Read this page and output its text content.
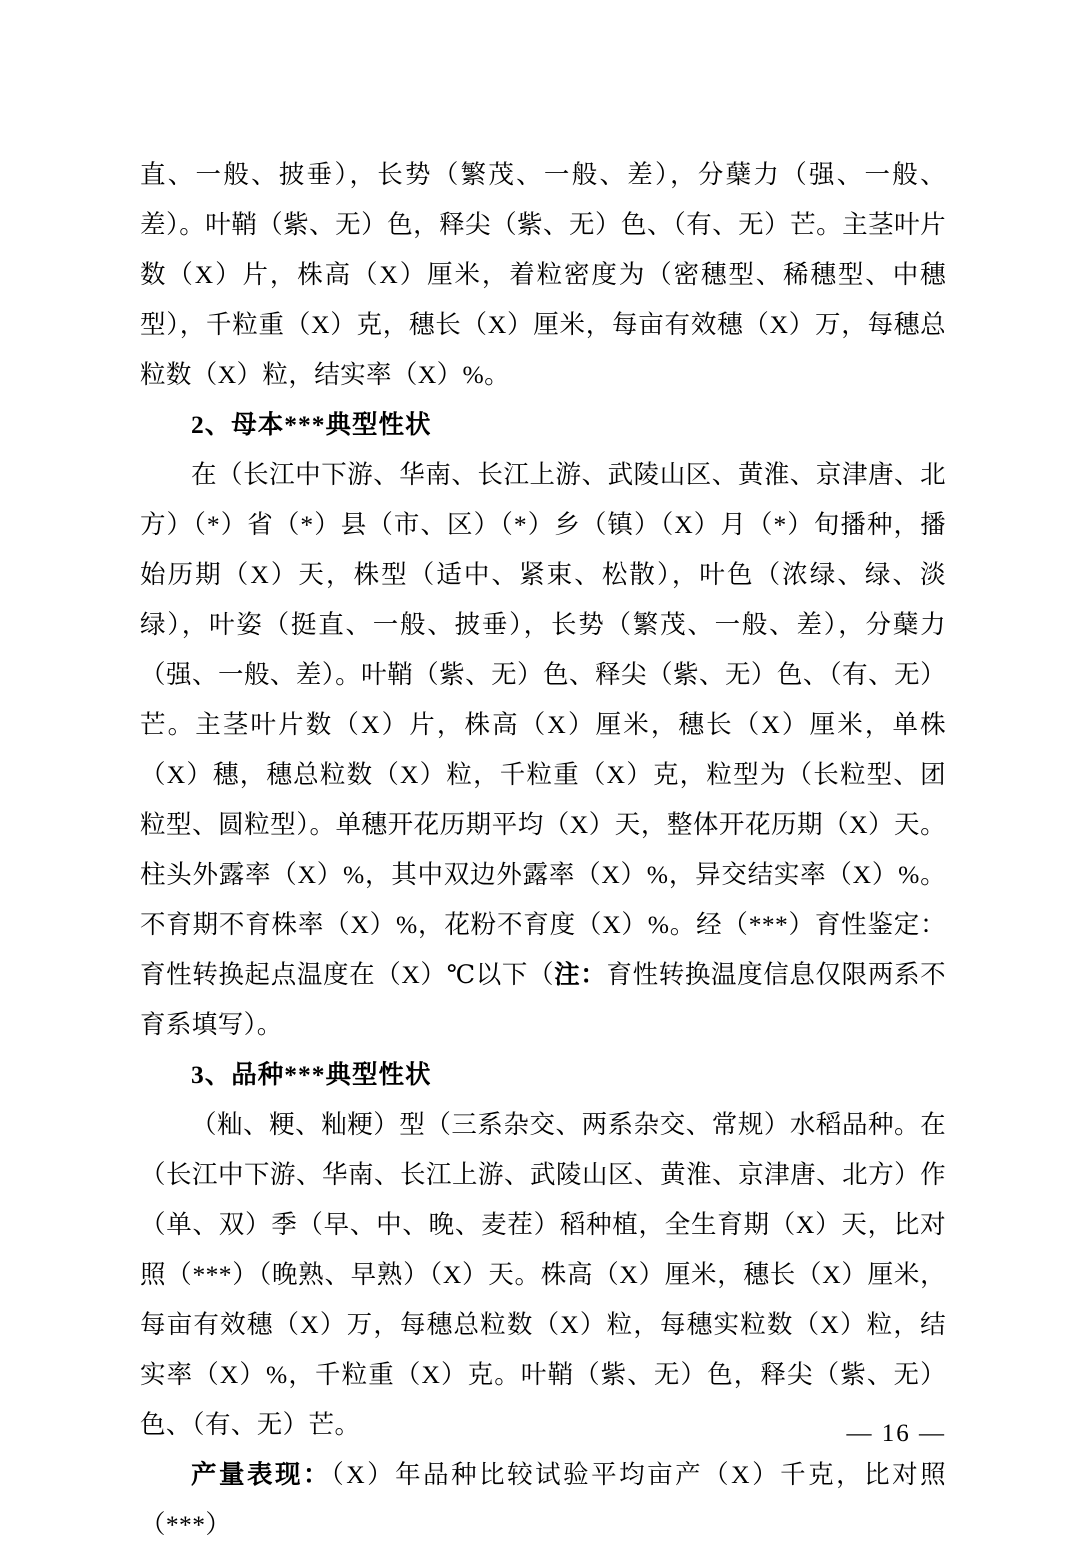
直、一般、披垂），长势（繁茂、一般、差），分蘖力（强、一般、差）。叶鞘（紫、无）色，释尖（紫、无）色、（有、无）芒。主茎叶片数（X）片，株高（X）厘米，着粒密度为（密穗型、稀穗型、中穗型），千粒重（X）克，穗长（X）厘米，每亩有效穗（X）万，每穗总粒数（X）粒，结实率（X）%。

2、母本***典型性状

在（长江中下游、华南、长江上游、武陵山区、黄淮、京津唐、北方）（*）省（*）县（市、区）（*）乡（镇）（X）月（*）旬播种，播始历期（X）天，株型（适中、紧束、松散），叶色（浓绿、绿、淡绿），叶姿（挺直、一般、披垂），长势（繁茂、一般、差），分蘖力（强、一般、差）。叶鞘（紫、无）色、释尖（紫、无）色、（有、无）芒。主茎叶片数（X）片，株高（X）厘米，穗长（X）厘米，单株（X）穗，穗总粒数（X）粒，千粒重（X）克，粒型为（长粒型、团粒型、圆粒型）。单穗开花历期平均（X）天，整体开花历期（X）天。柱头外露率（X）%，其中双边外露率（X）%，异交结实率（X）%。不育期不育株率（X）%，花粉不育度（X）%。经（***）育性鉴定：育性转换起点温度在（X）℃以下（注：育性转换温度信息仅限两系不育系填写）。

3、品种***典型性状

（籼、粳、籼粳）型（三系杂交、两系杂交、常规）水稻品种。在（长江中下游、华南、长江上游、武陵山区、黄淮、京津唐、北方）作（单、双）季（早、中、晚、麦茬）稻种植，全生育期（X）天，比对照（***）（晚熟、早熟）（X）天。株高（X）厘米，穗长（X）厘米，每亩有效穗（X）万，每穗总粒数（X）粒，每穗实粒数（X）粒，结实率（X）%，千粒重（X）克。叶鞘（紫、无）色，释尖（紫、无）色、（有、无）芒。

产量表现：（X）年品种比较试验平均亩产（X）千克，比对照（***）

— 16 —
